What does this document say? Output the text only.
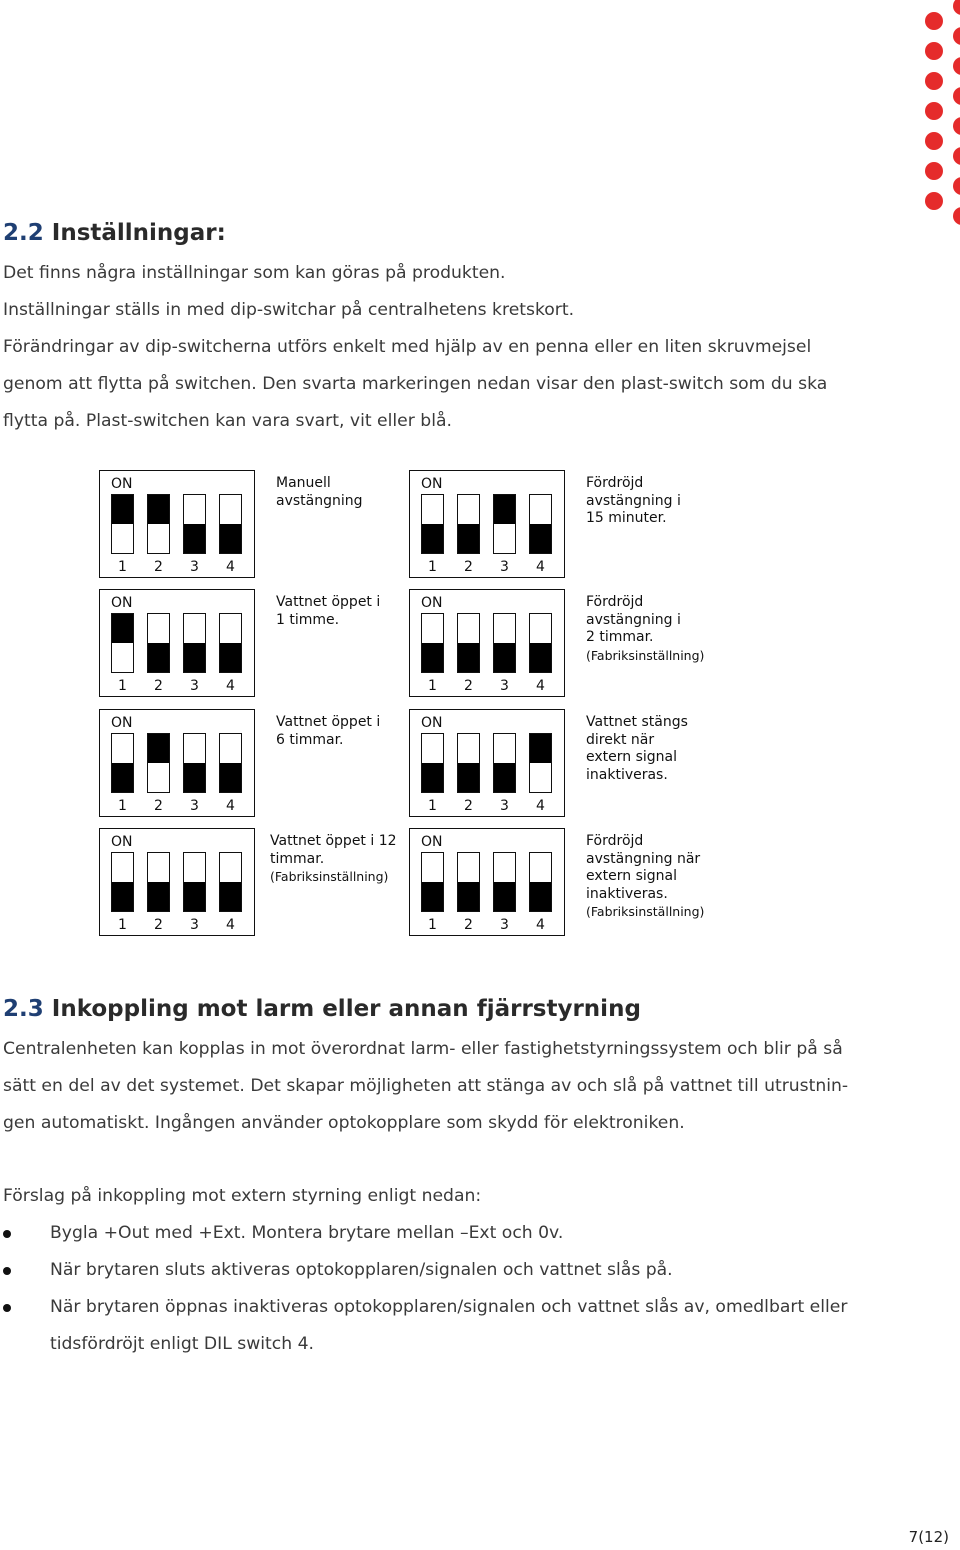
2.2 Inställningar:
Det finns några inställningar som kan göras på produkten.
Inställningar ställs in med dip-switchar på centralhetens kretskort.
Förändringar av dip-switcherna utförs enkelt med hjälp av en penna eller en liten skruvmejsel
genom att flytta på switchen. Den svarta markeringen nedan visar den plast-switch som du ska
flytta på. Plast-switchen kan vara svart, vit eller blå.
ON
1	2	3	4
Manuell
avstängning
ON
1	2	3	4
Fördröjd
avstängning i
15 minuter.
ON
1	2	3	4
Vattnet öppet i
1 timme.
ON
1	2	3	4
Fördröjd
avstängning i
2 timmar.
(Fabriksinställning)
ON
1	2	3	4
Vattnet öppet i
6 timmar.
ON
1	2	3	4
Vattnet stängs
direkt när
extern signal
inaktiveras.
ON
1	2	3	4
Vattnet öppet i 12
timmar.
(Fabriksinställning)
ON
1	2	3	4
Fördröjd
avstängning när
extern signal
inaktiveras.
(Fabriksinställning)
2.3 Inkoppling mot larm eller annan fjärrstyrning
Centralenheten kan kopplas in mot överordnat larm- eller fastighetstyrningssystem och blir på så
sätt en del av det systemet. Det skapar möjligheten att stänga av och slå på vattnet till utrustnin-
gen automatiskt. Ingången använder optokopplare som skydd för elektroniken.
Förslag på inkoppling mot extern styrning enligt nedan:
Bygla +Out med +Ext. Montera brytare mellan –Ext och 0v.
När brytaren sluts aktiveras optokopplaren/signalen och vattnet slås på.
När brytaren öppnas inaktiveras optokopplaren/signalen och vattnet slås av, omedlbart eller
tidsfördröjt enligt DIL switch 4.
7(12)
